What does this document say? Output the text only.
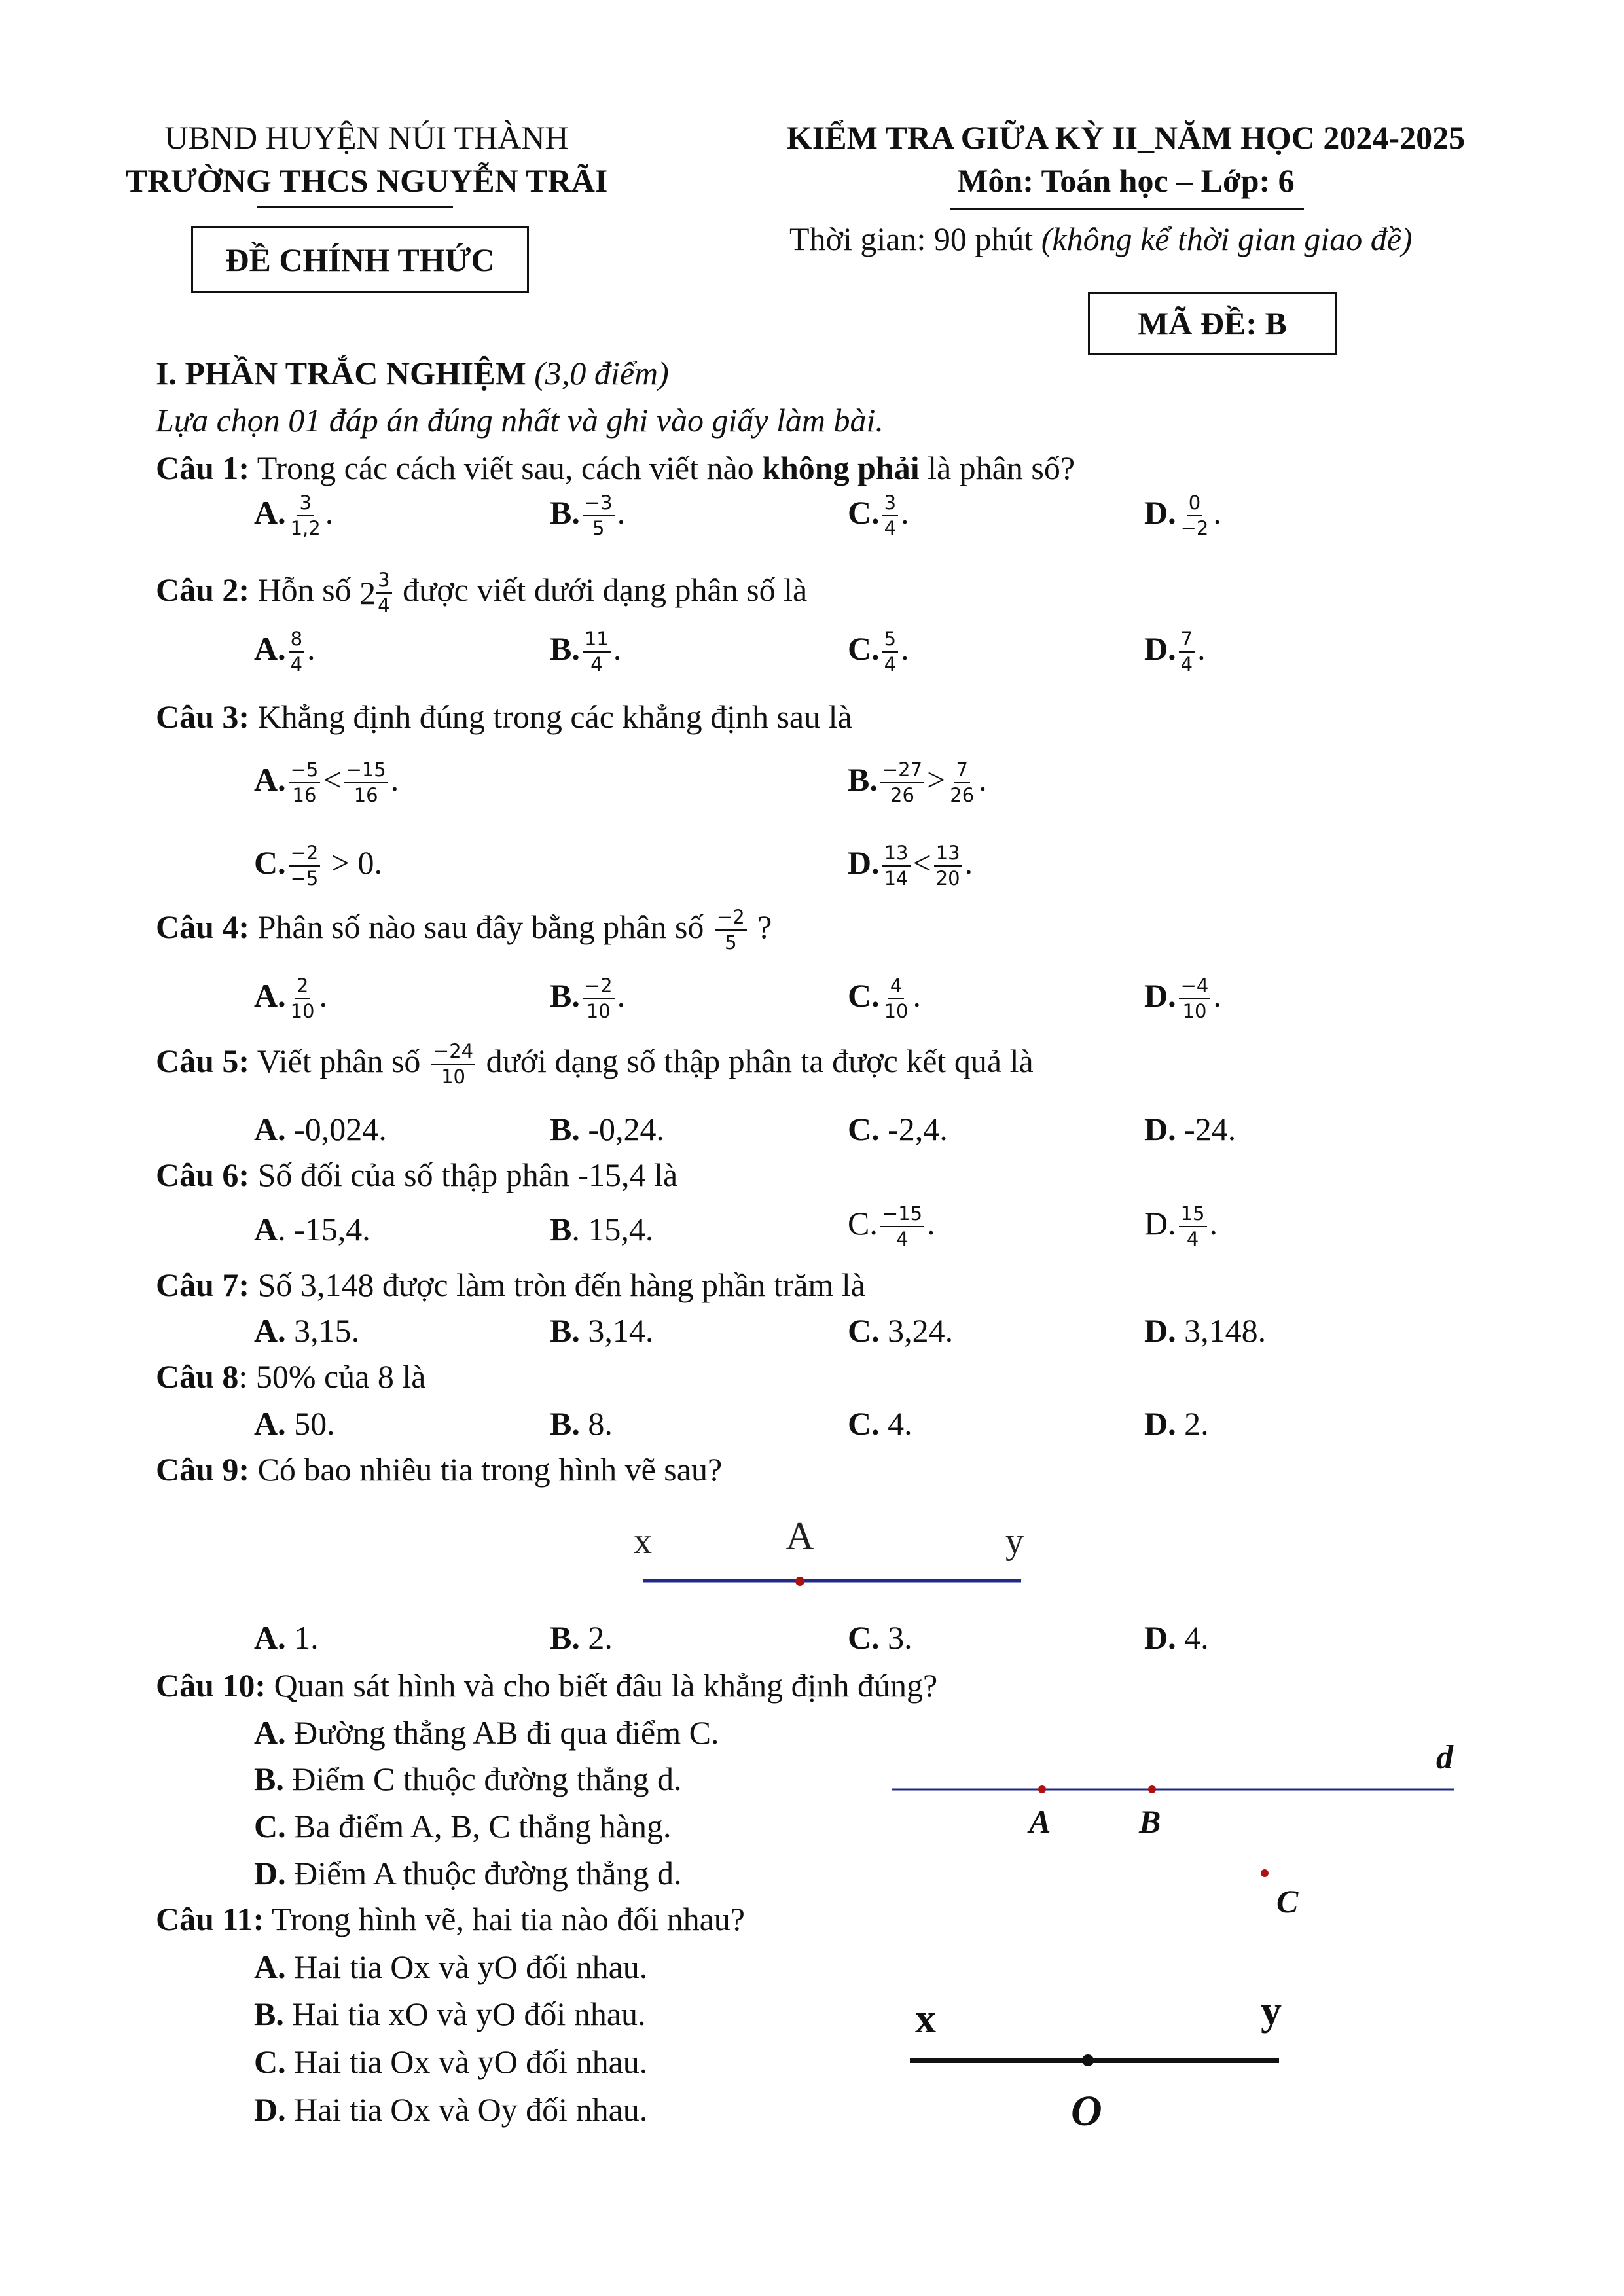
UBND HUYỆN NÚI THÀNH
TRƯỜNG THCS NGUYỄN TRÃI
ĐỀ CHÍNH THỨC
KIỂM TRA GIỮA KỲ II_NĂM HỌC 2024-2025
Môn: Toán học – Lớp: 6
Thời gian: 90 phút (không kể thời gian giao đề)
MÃ ĐỀ: B
I. PHẦN TRẮC NGHIỆM (3,0 điểm)
Lựa chọn 01 đáp án đúng nhất và ghi vào giấy làm bài.
Câu 1: Trong các cách viết sau, cách viết nào không phải là phân số?
A. $\frac{3}{1,2}$ .	B. $\frac{-3}{5}$ .	C. $\frac{3}{4}$ .	D. $\frac{0}{-2}$ .
Câu 2: Hỗn số $2 \frac{3}{4}$ được viết dưới dạng phân số là
A. $\frac{8}{4}$ .	B. $\frac{11}{4}$ .	C. $\frac{5}{4}$ .	D. $\frac{7}{4}$ .
Câu 3: Khẳng định đúng trong các khẳng định sau là
A. $\frac{-5}{16} < \frac{-15}{16}$ .	B. $\frac{-27}{26} > \frac{7}{26}$ .
C. $\frac{-2}{-5} > 0$.	D. $\frac{13}{14} < \frac{13}{20}$ .
Câu 4: Phân số nào sau đây bằng phân số $\frac{-2}{5}$ ?
A. $\frac{2}{10}$ .	B. $\frac{-2}{10}$ .	C. $\frac{4}{10}$ .	D. $\frac{-4}{10}$ .
Câu 5: Viết phân số $\frac{-24}{10}$ dưới dạng số thập phân ta được kết quả là
A. -0,024.	B. -0,24.	C. -2,4.	D. -24.
Câu 6: Số đối của số thập phân -15,4 là
A. -15,4.	B. 15,4.	C. $\frac{-15}{4}$ .	D. $\frac{15}{4}$ .
Câu 7: Số 3,148 được làm tròn đến hàng phần trăm là
A. 3,15.	B. 3,14.	C. 3,24.	D. 3,148.
Câu 8: 50% của 8 là
A. 50.	B. 8.	C. 4.	D. 2.
Câu 9: Có bao nhiêu tia trong hình vẽ sau?
x	A	y
A. 1.	B. 2.	C. 3.	D. 4.
Câu 10: Quan sát hình và cho biết đâu là khẳng định đúng?
A. Đường thẳng AB đi qua điểm C.
B. Điểm C thuộc đường thẳng d.
C. Ba điểm A, B, C thẳng hàng.
D. Điểm A thuộc đường thẳng d.
d
A	B
C
Câu 11: Trong hình vẽ, hai tia nào đối nhau?
A. Hai tia Ox và yO đối nhau.
B. Hai tia xO và yO đối nhau.
C. Hai tia Ox và yO đối nhau.
D. Hai tia Ox và Oy đối nhau.
x	y
O
